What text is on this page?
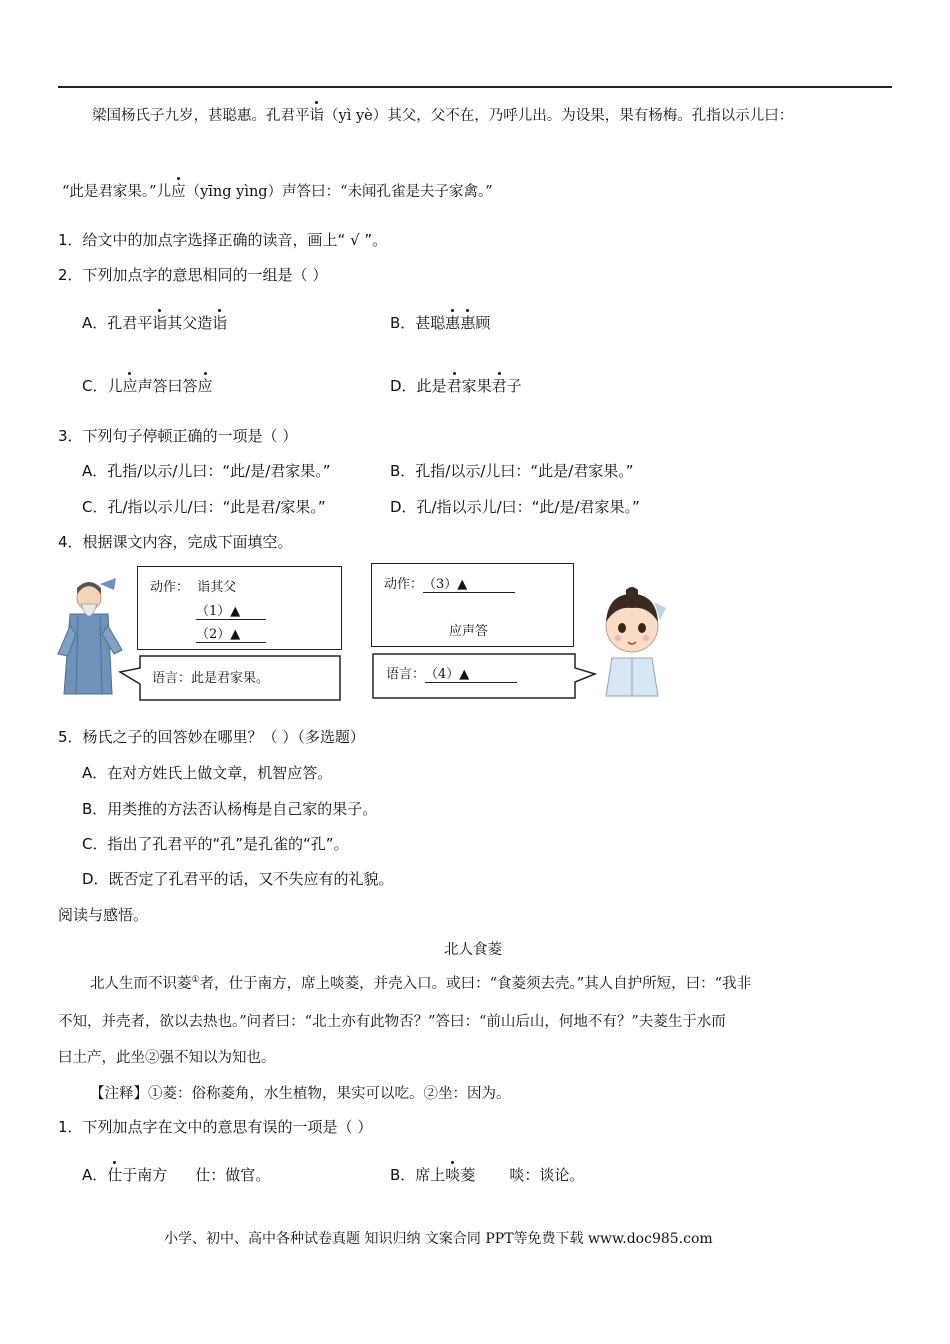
梁国杨氏子九岁，甚聪惠。孔君平诣（yì yè）其父，父不在，乃呼儿出。为设果，果有杨梅。孔指以示儿曰：
“此是君家果。”儿应（yīng yìng）声答曰：“未闻孔雀是夫子家禽。”
1．给文中的加点字选择正确的读音，画上“ √ ”。
2．下列加点字的意思相同的一组是（ ）
A．孔君平诣其父造诣	B．甚聪惠惠顾
C．儿应声答曰答应	D．此是君家果君子
3．下列句子停顿正确的一项是（ ）
A．孔指/以示/儿曰：“此/是/君家果。”	B．孔指/以示/儿曰：“此是/君家果。”
C．孔/指以示儿/曰：“此是君/家果。”	D．孔/指以示儿/曰：“此/是/君家果。”
4．根据课文内容，完成下面填空。
动作： 诣其父
（1）▲
（2）▲
语言：此是君家果。
动作：（3）▲
应声答
语言：（4）▲
5．杨氏之子的回答妙在哪里？（ ）（多选题）
A．在对方姓氏上做文章，机智应答。
B．用类推的方法否认杨梅是自己家的果子。
C．指出了孔君平的“孔”是孔雀的“孔”。
D．既否定了孔君平的话，又不失应有的礼貌。
阅读与感悟。
北人食菱
北人生而不识菱①者，仕于南方，席上啖菱，并壳入口。或曰：“食菱须去壳。”其人自护所短，曰：“我非
不知，并壳者，欲以去热也。”问者曰：“北土亦有此物否？”答曰：“前山后山，何地不有？”夫菱生于水而
曰土产，此坐②强不知以为知也。
【注释】①菱：俗称菱角，水生植物，果实可以吃。②坐：因为。
1．下列加点字在文中的意思有误的一项是（ ）
A．仕于南方 仕：做官。	B．席上啖菱 啖：谈论。
小学、初中、高中各种试卷真题 知识归纳 文案合同 PPT等免费下载 www.doc985.com
